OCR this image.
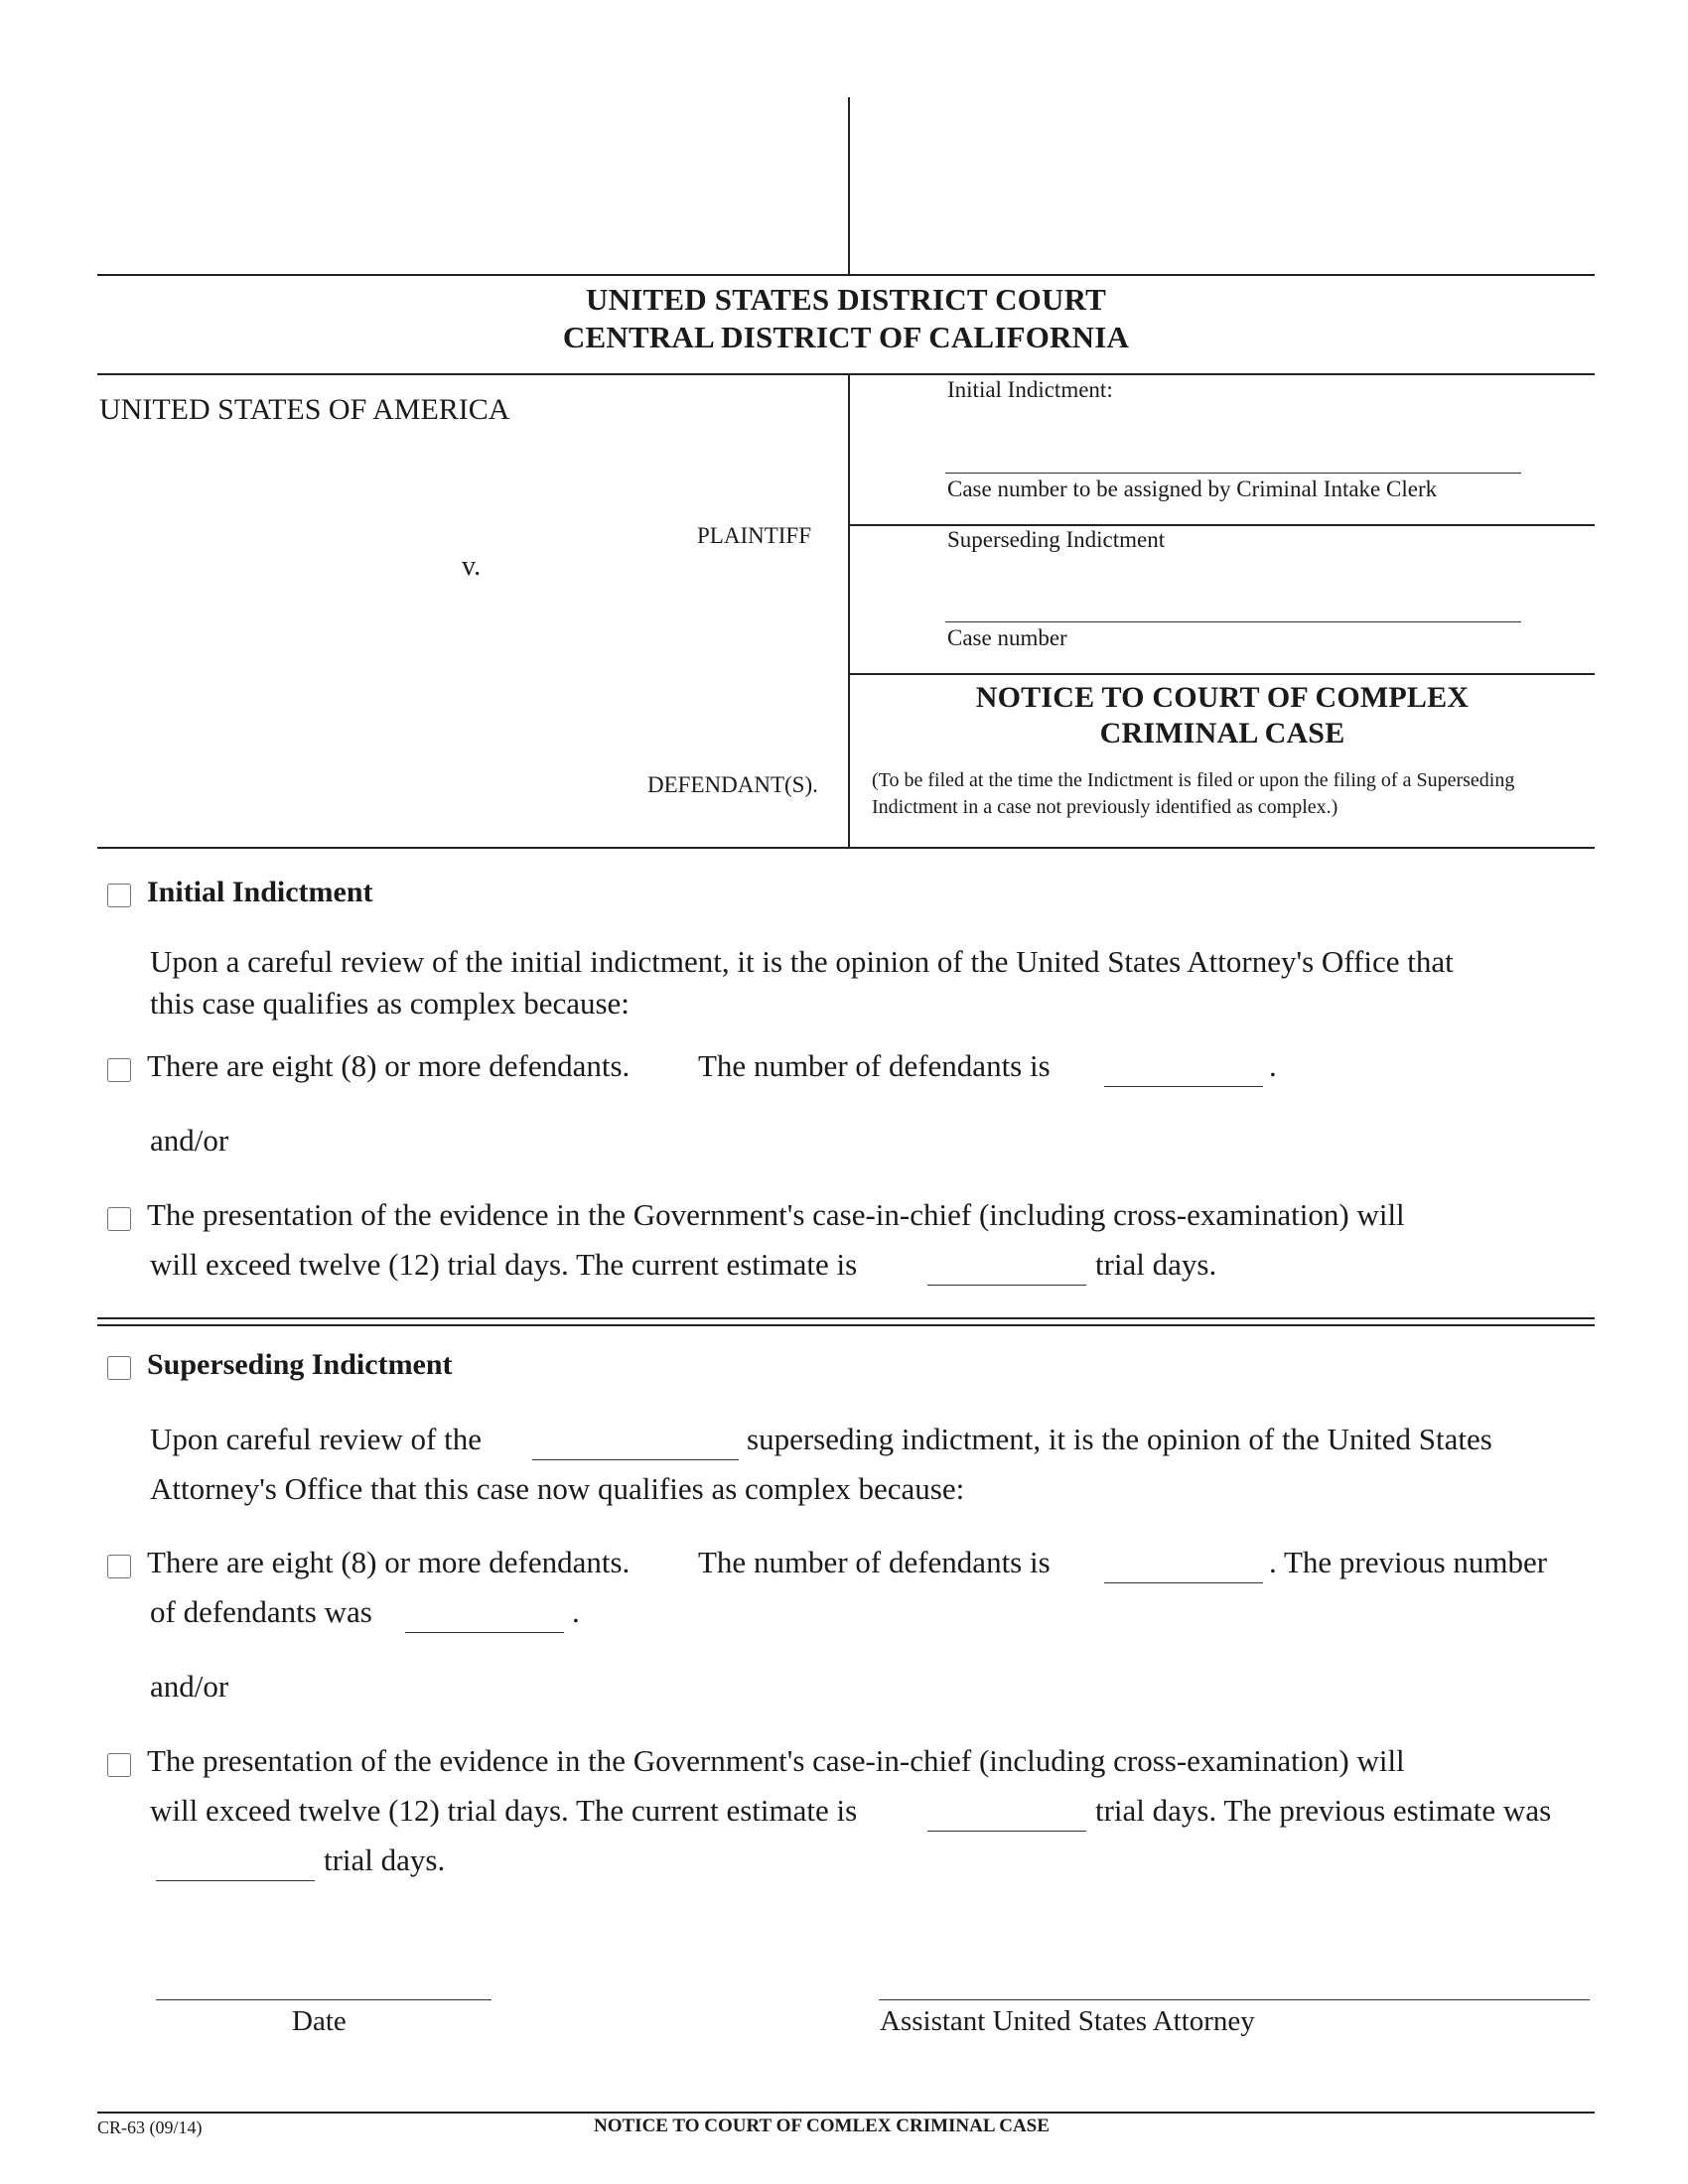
UNITED STATES DISTRICT COURT
CENTRAL DISTRICT OF CALIFORNIA
UNITED STATES OF AMERICA
PLAINTIFF
v.
DEFENDANT(S).
Initial Indictment:
Case number to be assigned by Criminal Intake Clerk
Superseding Indictment
Case number
NOTICE TO COURT OF COMPLEX
CRIMINAL CASE
(To be filed at the time the Indictment is filed or upon the filing of a Superseding
Indictment in a case not previously identified as complex.)
Initial Indictment
Upon a careful review of the initial indictment, it is the opinion of the United States Attorney's Office that
this case qualifies as complex because:
There are eight (8) or more defendants. The number of defendants is	.
and/or
The presentation of the evidence in the Government's case-in-chief (including cross-examination) will
will exceed twelve (12) trial days. The current estimate is	trial days.
Superseding Indictment
Upon careful review of the	superseding indictment, it is the opinion of the United States
Attorney's Office that this case now qualifies as complex because:
There are eight (8) or more defendants. The number of defendants is	. The previous number
of defendants was	.
and/or
The presentation of the evidence in the Government's case-in-chief (including cross-examination) will
will exceed twelve (12) trial days. The current estimate is	trial days. The previous estimate was
trial days.
Date	Assistant United States Attorney
CR-63 (09/14)	NOTICE TO COURT OF COMLEX CRIMINAL CASE
